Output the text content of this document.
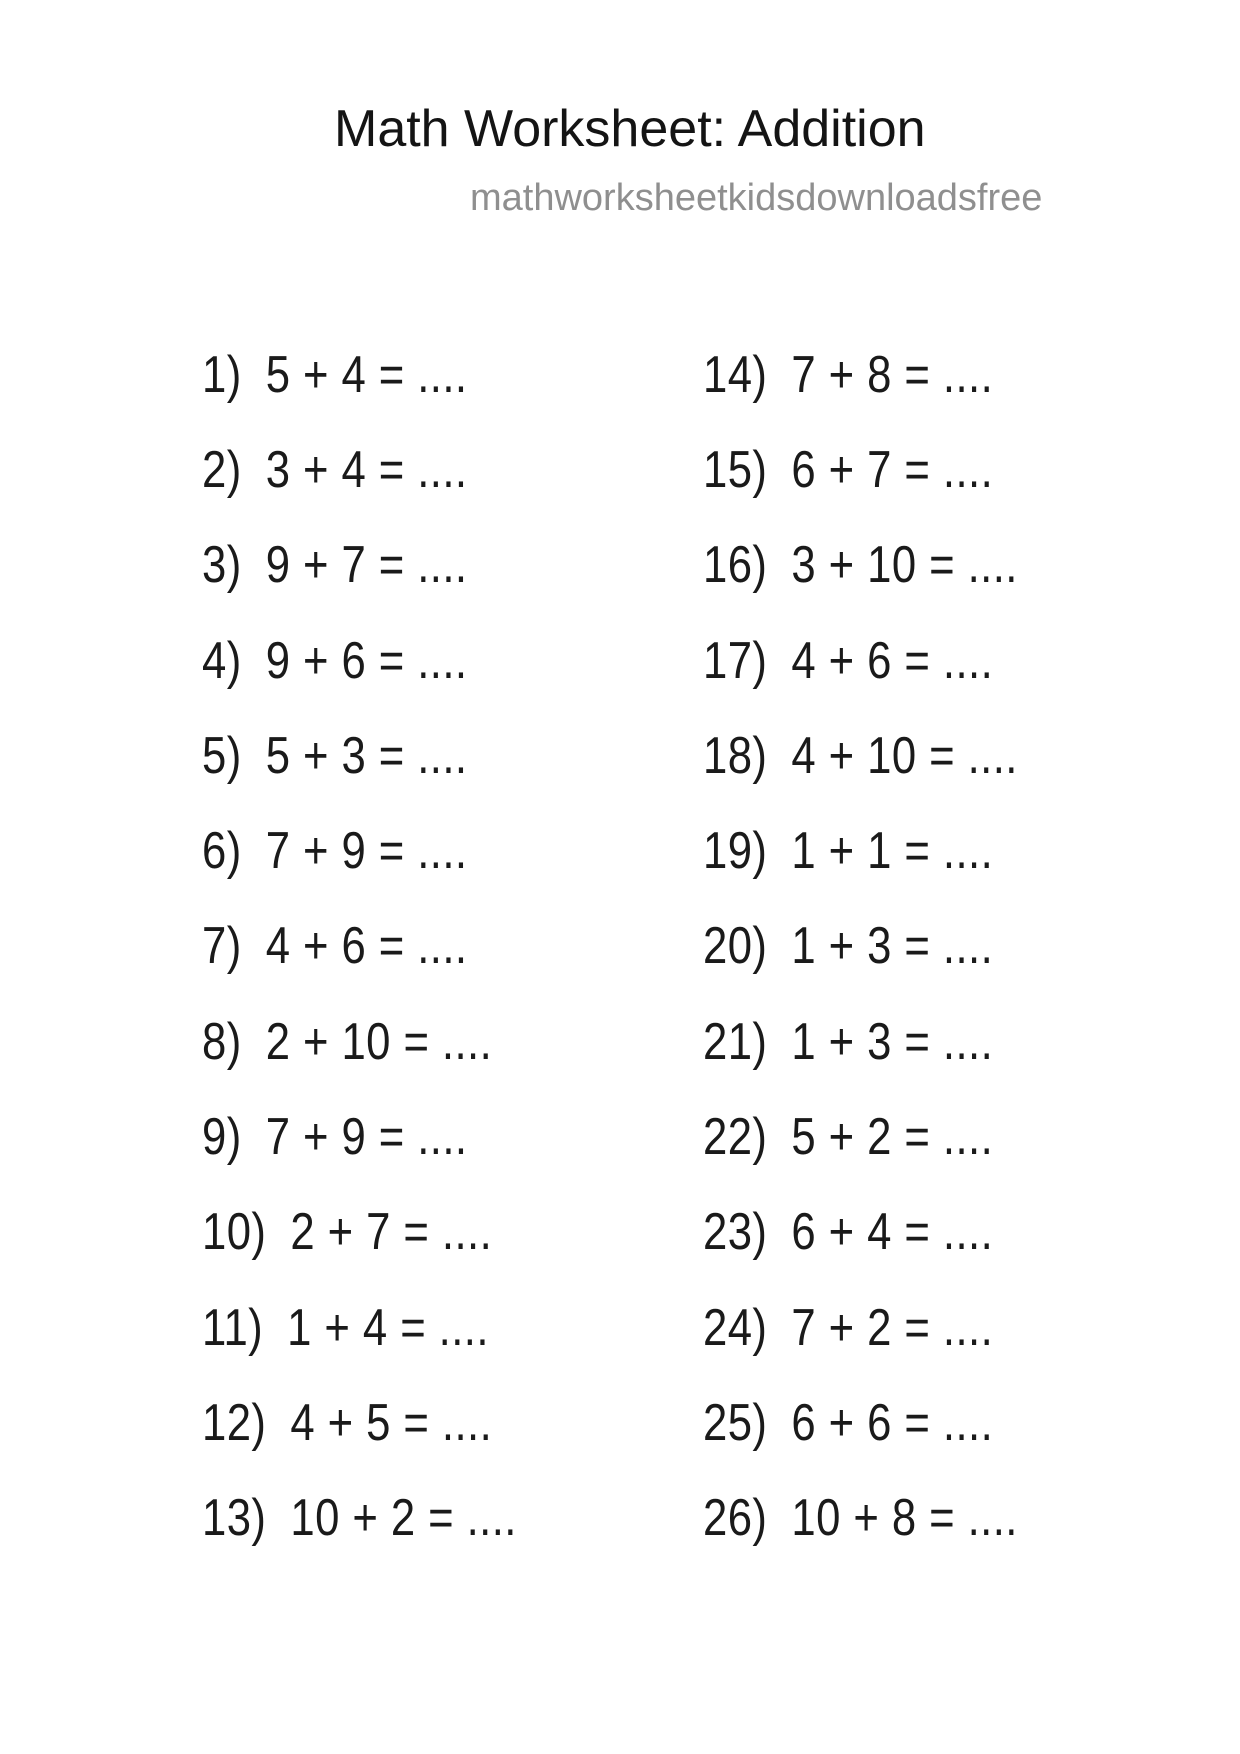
Math Worksheet: Addition
mathworksheetkidsdownloadsfree
1) 5 + 4 = ....
2) 3 + 4 = ....
3) 9 + 7 = ....
4) 9 + 6 = ....
5) 5 + 3 = ....
6) 7 + 9 = ....
7) 4 + 6 = ....
8) 2 + 10 = ....
9) 7 + 9 = ....
10) 2 + 7 = ....
11) 1 + 4 = ....
12) 4 + 5 = ....
13) 10 + 2 = ....
14) 7 + 8 = ....
15) 6 + 7 = ....
16) 3 + 10 = ....
17) 4 + 6 = ....
18) 4 + 10 = ....
19) 1 + 1 = ....
20) 1 + 3 = ....
21) 1 + 3 = ....
22) 5 + 2 = ....
23) 6 + 4 = ....
24) 7 + 2 = ....
25) 6 + 6 = ....
26) 10 + 8 = ....
